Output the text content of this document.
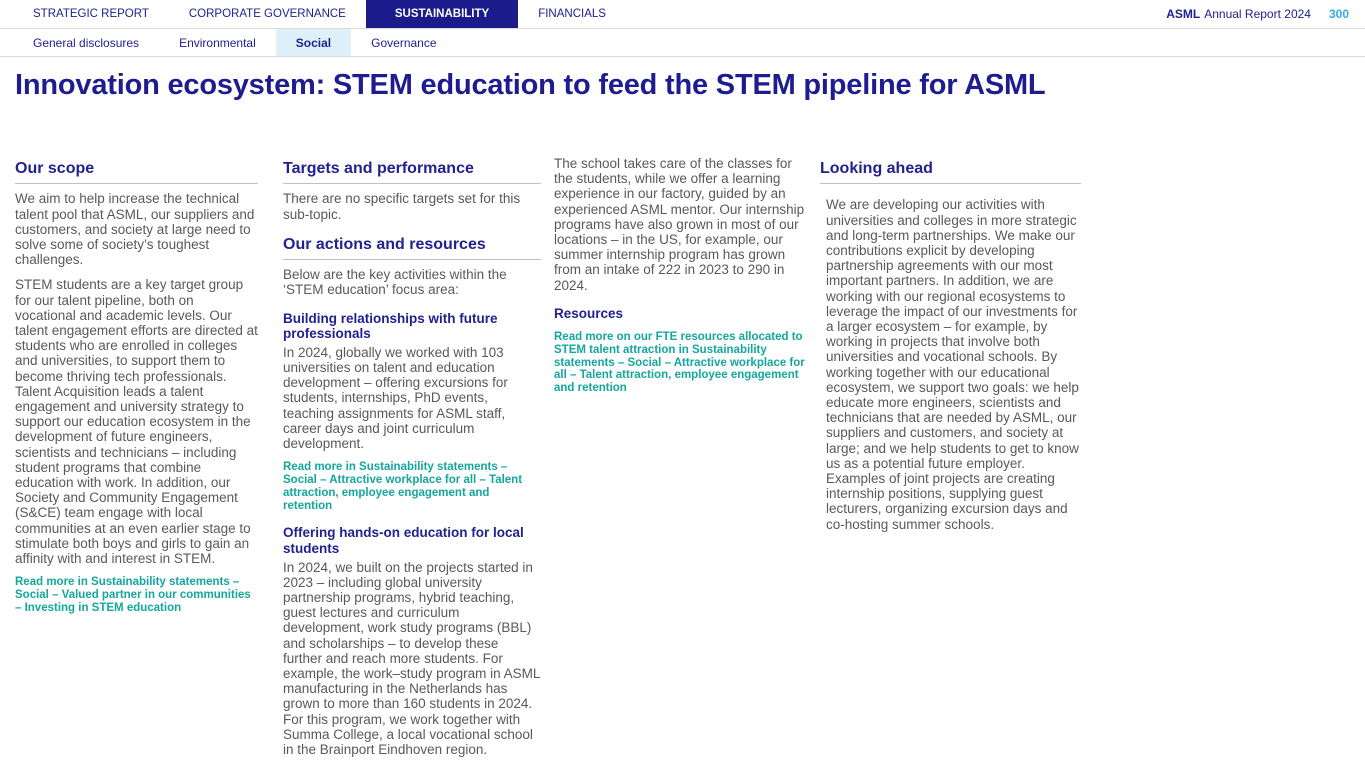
STRATEGIC REPORT	CORPORATE GOVERNANCE	SUSTAINABILITY	FINANCIALS	ASML Annual Report 2024 300
General disclosures	Environmental	Social	Governance
Innovation ecosystem: STEM education to feed the STEM pipeline for ASML
Our scope

We aim to help increase the technical talent pool that ASML, our suppliers and customers, and society at large need to solve some of society’s toughest challenges.

STEM students are a key target group for our talent pipeline, both on vocational and academic levels. Our talent engagement efforts are directed at students who are enrolled in colleges and universities, to support them to become thriving tech professionals. Talent Acquisition leads a talent engagement and university strategy to support our education ecosystem in the development of future engineers, scientists and technicians – including student programs that combine education with work. In addition, our Society and Community Engagement (S&CE) team engage with local communities at an even earlier stage to stimulate both boys and girls to gain an affinity with and interest in STEM.

Read more in Sustainability statements – Social – Valued partner in our communities – Investing in STEM education
Targets and performance

There are no specific targets set for this sub-topic.

Our actions and resources

Below are the key activities within the ‘STEM education’ focus area:

Building relationships with future professionals

In 2024, globally we worked with 103 universities on talent and education development – offering excursions for students, internships, PhD events, teaching assignments for ASML staff, career days and joint curriculum development.

Read more in Sustainability statements – Social – Attractive workplace for all – Talent attraction, employee engagement and retention
Offering hands-on education for local students

In 2024, we built on the projects started in 2023 – including global university partnership programs, hybrid teaching, guest lectures and curriculum development, work study programs (BBL) and scholarships – to develop these further and reach more students. For example, the work–study program in ASML manufacturing in the Netherlands has grown to more than 160 students in 2024. For this program, we work together with Summa College, a local vocational school in the Brainport Eindhoven region.

The school takes care of the classes for the students, while we offer a learning experience in our factory, guided by an experienced ASML mentor. Our internship programs have also grown in most of our locations – in the US, for example, our summer internship program has grown from an intake of 222 in 2023 to 290 in 2024.

Resources
Read more on our FTE resources allocated to STEM talent attraction in Sustainability statements – Social – Attractive workplace for all – Talent attraction, employee engagement and retention
Looking ahead

We are developing our activities with universities and colleges in more strategic and long-term partnerships. We make our contributions explicit by developing partnership agreements with our most important partners. In addition, we are working with our regional ecosystems to leverage the impact of our investments for a larger ecosystem – for example, by working in projects that involve both universities and vocational schools. By working together with our educational ecosystem, we support two goals: we help educate more engineers, scientists and technicians that are needed by ASML, our suppliers and customers, and society at large; and we help students to get to know us as a potential future employer. Examples of joint projects are creating internship positions, supplying guest lecturers, organizing excursion days and co-hosting summer schools.
